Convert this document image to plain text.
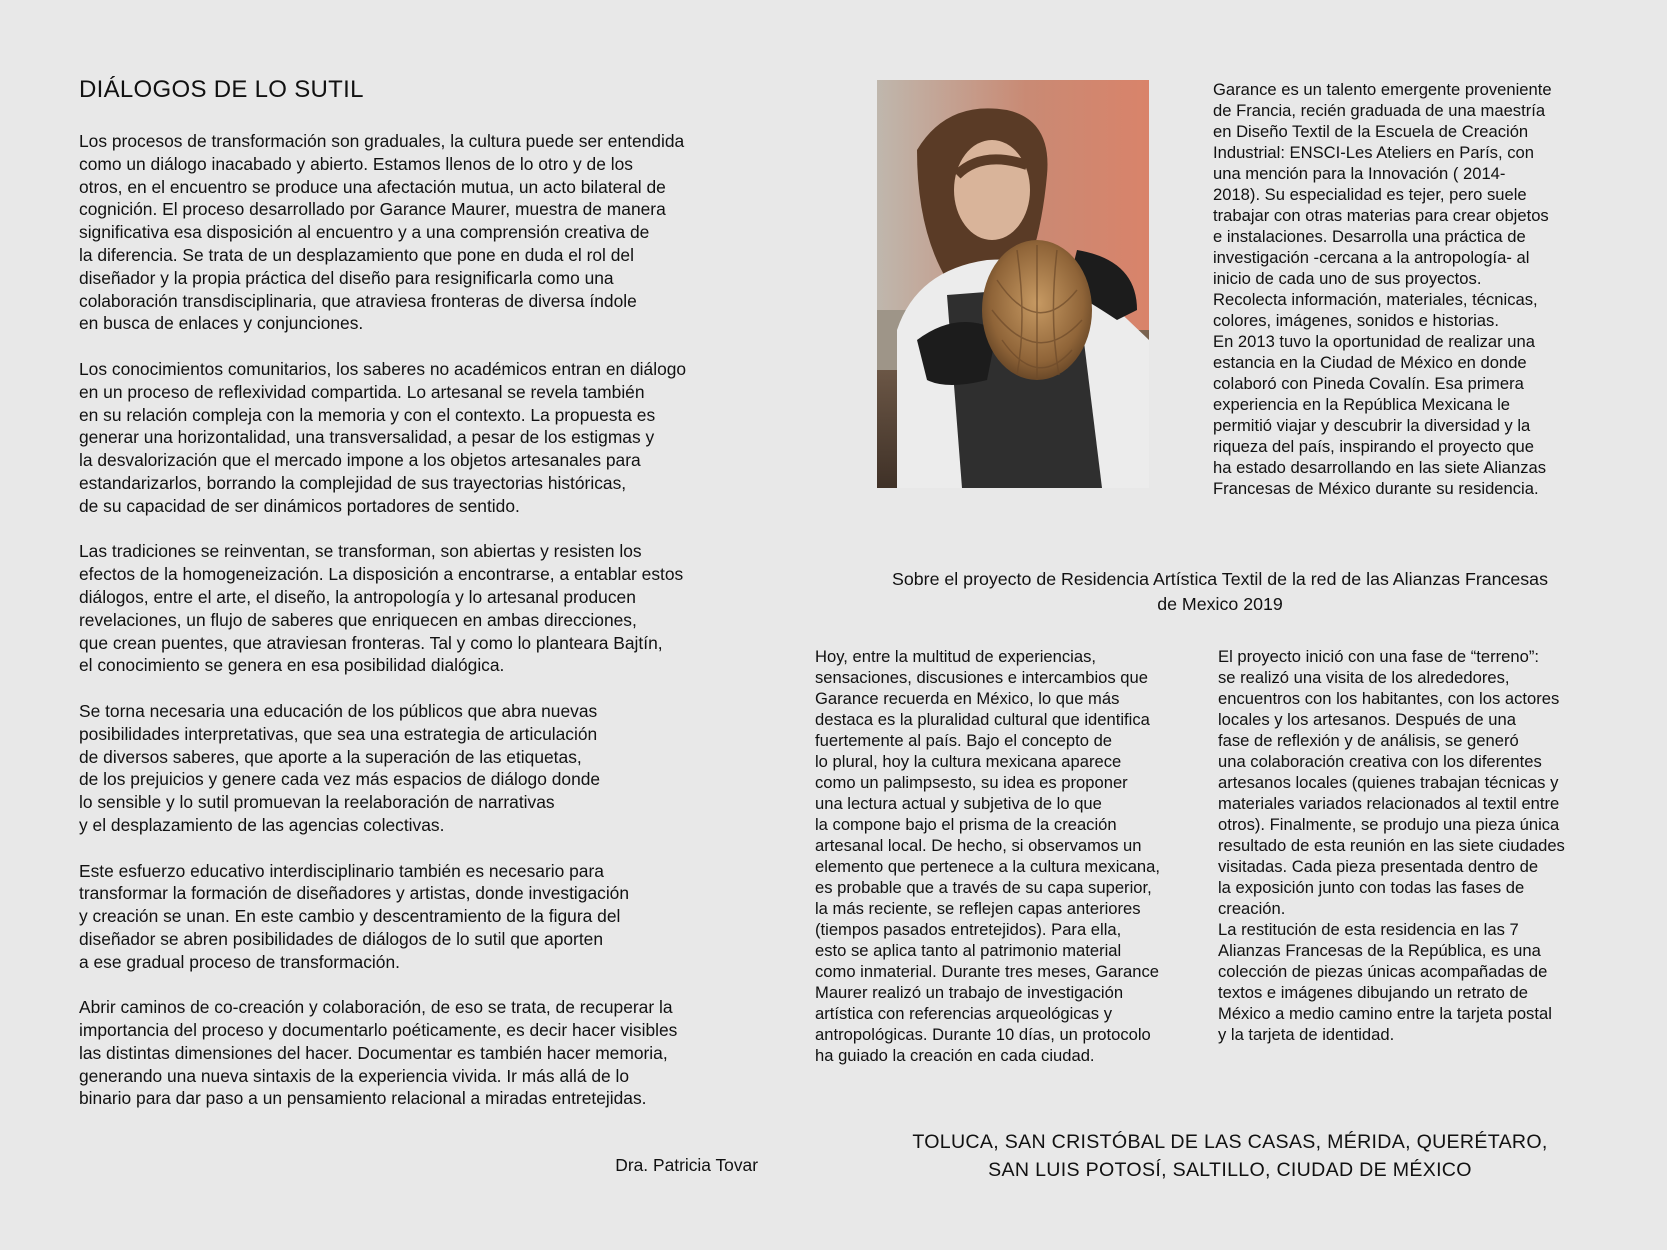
DIÁLOGOS DE LO SUTIL

Los procesos de transformación son graduales, la cultura puede ser entendida
como un diálogo inacabado y abierto. Estamos llenos de lo otro y de los
otros, en el encuentro se produce una afectación mutua, un acto bilateral de
cognición. El proceso desarrollado por Garance Maurer, muestra de manera
significativa esa disposición al encuentro y a una comprensión creativa de
la diferencia. Se trata de un desplazamiento que pone en duda el rol del
diseñador y la propia práctica del diseño para resignificarla como una
colaboración transdisciplinaria, que atraviesa fronteras de diversa índole
en busca de enlaces y conjunciones.

Los conocimientos comunitarios, los saberes no académicos entran en diálogo
en un proceso de reflexividad compartida. Lo artesanal se revela también
en su relación compleja con la memoria y con el contexto. La propuesta es
generar una horizontalidad, una transversalidad, a pesar de los estigmas y
la desvalorización que el mercado impone a los objetos artesanales para
estandarizarlos, borrando la complejidad de sus trayectorias históricas,
de su capacidad de ser dinámicos portadores de sentido.

Las tradiciones se reinventan, se transforman, son abiertas y resisten los
efectos de la homogeneización. La disposición a encontrarse, a entablar estos
diálogos, entre el arte, el diseño, la antropología y lo artesanal producen
revelaciones, un flujo de saberes que enriquecen en ambas direcciones,
que crean puentes, que atraviesan fronteras. Tal y como lo planteara Bajtín,
el conocimiento se genera en esa posibilidad dialógica.

Se torna necesaria una educación de los públicos que abra nuevas
posibilidades interpretativas, que sea una estrategia de articulación
de diversos saberes, que aporte a la superación de las etiquetas,
de los prejuicios y genere cada vez más espacios de diálogo donde
lo sensible y lo sutil promuevan la reelaboración de narrativas
y el desplazamiento de las agencias colectivas.

Este esfuerzo educativo interdisciplinario también es necesario para
transformar la formación de diseñadores y artistas, donde investigación
y creación se unan. En este cambio y descentramiento de la figura del
diseñador se abren posibilidades de diálogos de lo sutil que aporten
a ese gradual proceso de transformación.

Abrir caminos de co-creación y colaboración, de eso se trata, de recuperar la
importancia del proceso y documentarlo poéticamente, es decir hacer visibles
las distintas dimensiones del hacer. Documentar es también hacer memoria,
generando una nueva sintaxis de la experiencia vivida. Ir más allá de lo
binario para dar paso a un pensamiento relacional a miradas entretejidas.

Dra. Patricia Tovar

Garance es un talento emergente proveniente
de Francia, recién graduada de una maestría
en Diseño Textil de la Escuela de Creación
Industrial: ENSCI-Les Ateliers en París, con
una mención para la Innovación ( 2014-
2018). Su especialidad es tejer, pero suele
trabajar con otras materias para crear objetos
e instalaciones. Desarrolla una práctica de
investigación -cercana a la antropología- al
inicio de cada uno de sus proyectos.
Recolecta información, materiales, técnicas,
colores, imágenes, sonidos e historias.
En 2013 tuvo la oportunidad de realizar una
estancia en la Ciudad de México en donde
colaboró con Pineda Covalín. Esa primera
experiencia en la República Mexicana le
permitió viajar y descubrir la diversidad y la
riqueza del país, inspirando el proyecto que
ha estado desarrollando en las siete Alianzas
Francesas de México durante su residencia.

Sobre el proyecto de Residencia Artística Textil de la red de las Alianzas Francesas
de Mexico 2019

Hoy, entre la multitud de experiencias,
sensaciones, discusiones e intercambios que
Garance recuerda en México, lo que más
destaca es la pluralidad cultural que identifica
fuertemente al país. Bajo el concepto de
lo plural, hoy la cultura mexicana aparece
como un palimpsesto, su idea es proponer
una lectura actual y subjetiva de lo que
la compone bajo el prisma de la creación
artesanal local. De hecho, si observamos un
elemento que pertenece a la cultura mexicana,
es probable que a través de su capa superior,
la más reciente, se reflejen capas anteriores
(tiempos pasados entretejidos). Para ella,
esto se aplica tanto al patrimonio material
como inmaterial. Durante tres meses, Garance
Maurer realizó un trabajo de investigación
artística con referencias arqueológicas y
antropológicas. Durante 10 días, un protocolo
ha guiado la creación en cada ciudad.

El proyecto inició con una fase de “terreno”:
se realizó una visita de los alrededores,
encuentros con los habitantes, con los actores
locales y los artesanos. Después de una
fase de reflexión y de análisis, se generó
una colaboración creativa con los diferentes
artesanos locales (quienes trabajan técnicas y
materiales variados relacionados al textil entre
otros). Finalmente, se produjo una pieza única
resultado de esta reunión en las siete ciudades
visitadas. Cada pieza presentada dentro de
la exposición junto con todas las fases de
creación.
La restitución de esta residencia en las 7
Alianzas Francesas de la República, es una
colección de piezas únicas acompañadas de
textos e imágenes dibujando un retrato de
México a medio camino entre la tarjeta postal
y la tarjeta de identidad.

TOLUCA, SAN CRISTÓBAL DE LAS CASAS, MÉRIDA, QUERÉTARO,
SAN LUIS POTOSÍ, SALTILLO, CIUDAD DE MÉXICO
